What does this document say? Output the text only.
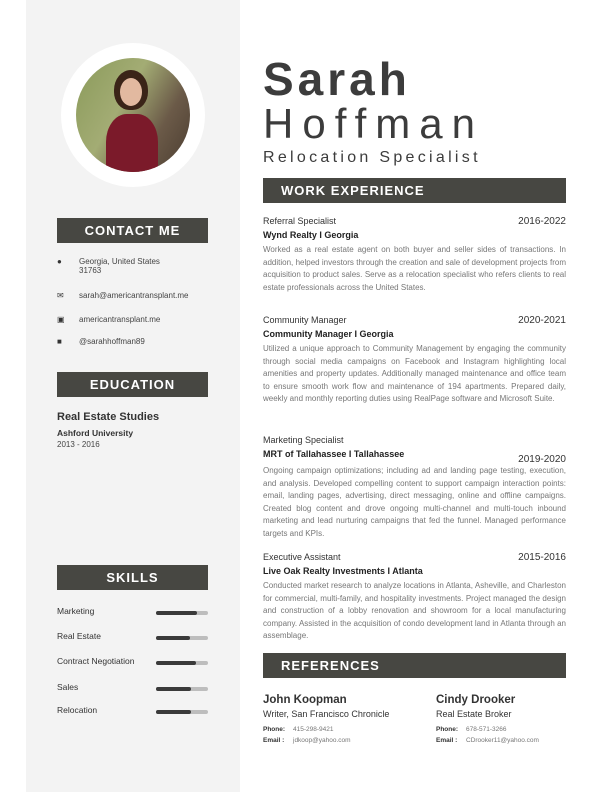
Sarah
Hoffman
Relocation Specialist
CONTACT ME
●	Georgia, United States
31763
✉	sarah@americantransplant.me
▣	americantransplant.me
■	@sarahhoffman89
EDUCATION
Real Estate Studies
Ashford University
2013 - 2016
SKILLS
Marketing
Real Estate
Contract Negotiation
Sales
Relocation
WORK EXPERIENCE
2016-2022
Referral Specialist
Wynd Realty I Georgia
Worked as a real estate agent on both buyer and seller sides of transactions. In addition, helped investors through the creation and sale of development projects from acquisition to product sales. Serve as a relocation specialist who refers clients to real estate professionals across the United States.
2020-2021
Community Manager
Community Manager I Georgia
Utilized a unique approach to Community Management by engaging the community through social media campaigns on Facebook and Instagram highlighting local amenities and property updates. Additionally managed maintenance and office team to ensure smooth work flow and maintenance of 194 apartments. Prepared daily, weekly and monthly reporting duties using RealPage software and Microsoft Suite.
2019-2020
Marketing Specialist
MRT of Tallahassee I Tallahassee
Ongoing campaign optimizations; including ad and landing page testing, execution, and analysis. Developed compelling content to support campaign interaction points: email, landing pages, advertising, direct messaging, online and offline campaigns. Created blog content and drove ongoing multi-channel and multi-touch inbound marketing and lead nurturing campaigns that fed the funnel. Managed performance targets and KPIs.
2015-2016
Executive Assistant
Live Oak Realty Investments I Atlanta
Conducted market research to analyze locations in Atlanta, Asheville, and Charleston for commercial, multi-family, and hospitality investments. Project managed the design and construction of a lobby renovation and showroom for a local manufacturing company. Assisted in the acquisition of condo development land in Atlanta through an assemblage.
REFERENCES
John Koopman
Writer, San Francisco Chronicle
Phone:	415-298-9421
Email :	jdkoop@yahoo.com
Cindy Drooker
Real Estate Broker
Phone:	678-571-3266
Email :	CDrooker11@yahoo.com
